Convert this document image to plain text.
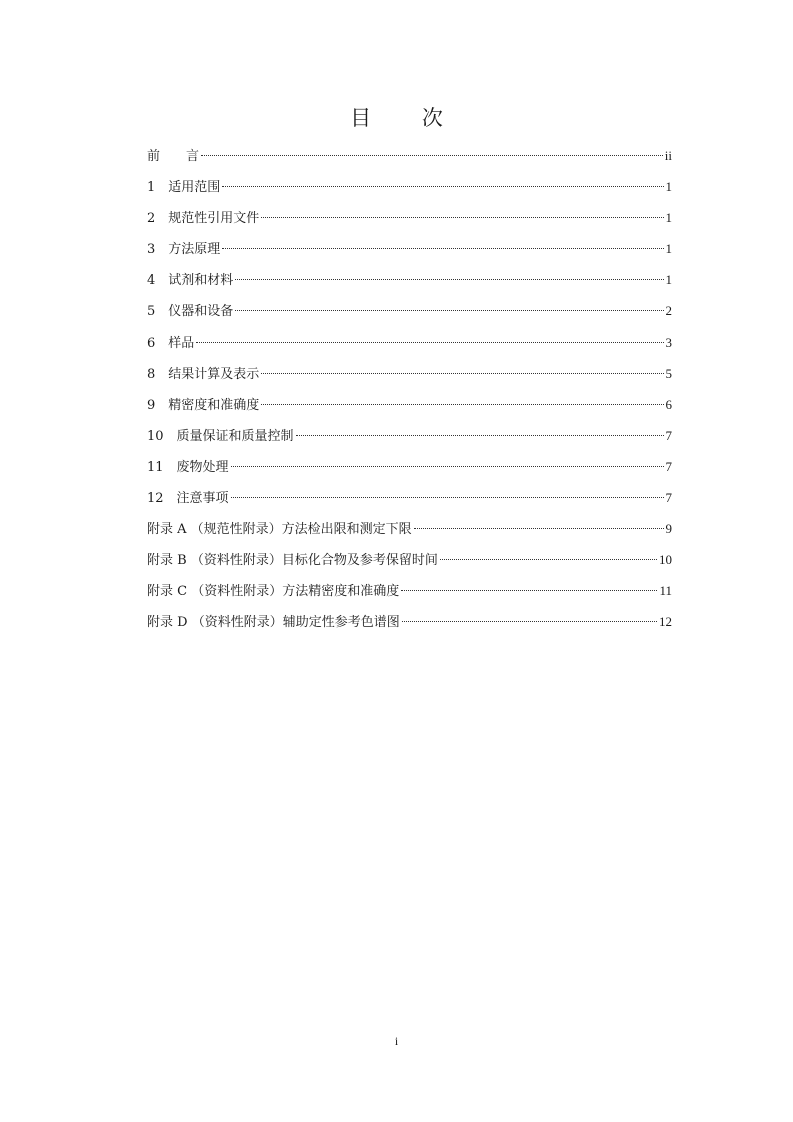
目 次
前　　言	ii
1　适用范围	1
2　规范性引用文件	1
3　方法原理	1
4　试剂和材料	1
5　仪器和设备	2
6　样品	3
8　结果计算及表示	5
9　精密度和准确度	6
10　质量保证和质量控制	7
11　废物处理	7
12　注意事项	7
附录 A （规范性附录）方法检出限和测定下限	9
附录 B （资料性附录）目标化合物及参考保留时间	10
附录 C （资料性附录）方法精密度和准确度	11
附录 D （资料性附录）辅助定性参考色谱图	12
i
